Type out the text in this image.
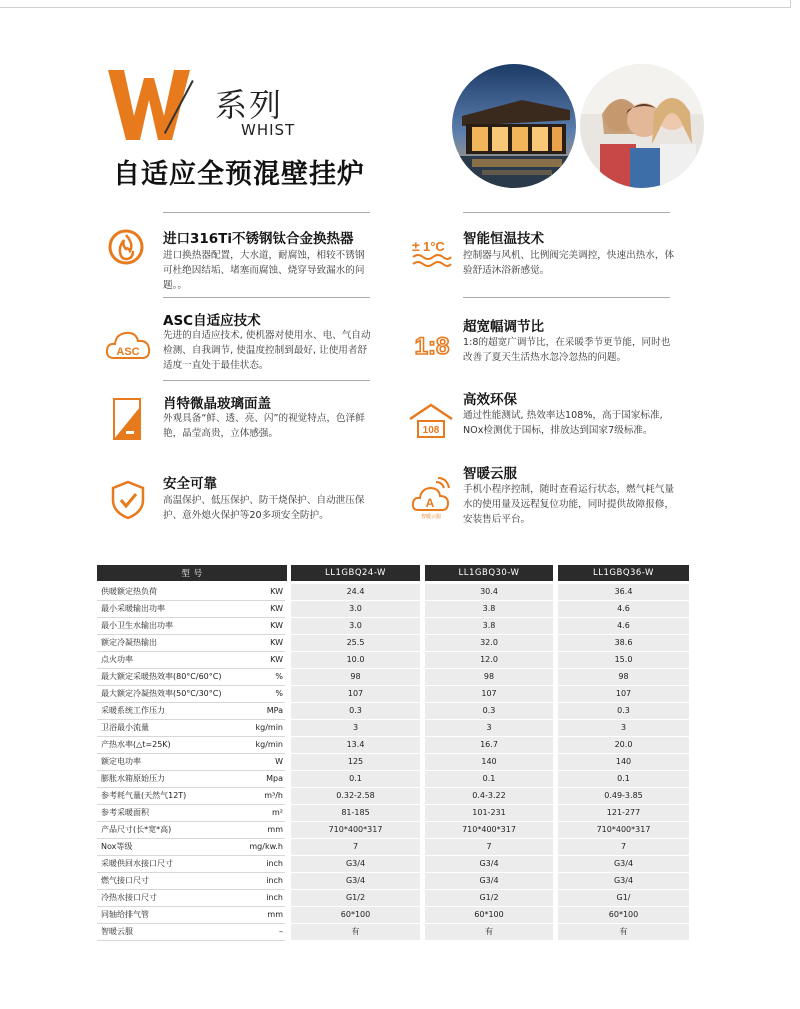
系列
WHIST
自适应全预混壁挂炉
进口316Ti不锈钢钛合金换热器
进口换热器配置，大水道，耐腐蚀，相较不锈钢可杜绝因结垢、堵塞而腐蚀、烧穿导致漏水的问题。。
ASC自适应技术
先进的自适应技术, 使机器对使用水、电、气自动检测、自我调节, 使温度控制到最好, 让使用者舒适度一直处于最佳状态。
ASC
肖特微晶玻璃面盖
外观具备“鲜、透、亮、闪”的视觉特点，色泽鲜艳，晶莹高贵，立体感强。
安全可靠
高温保护、低压保护、防干烧保护、自动泄压保护、意外熄火保护等20多项安全防护。
智能恒温技术
控制器与风机、比例阀完美调控，快速出热水，体验舒适沐浴新感觉。
± 1°C
超宽幅调节比
1:8的超宽广调节比，在采暖季节更节能，同时也改善了夏天生活热水忽冷忽热的问题。
1:8
高效环保
通过性能测试, 热效率达108%，高于国家标准, NOx检测优于国标，排放达到国家7级标准。
108
智暖云服
手机小程序控制，随时查看运行状态，燃气耗气量水的使用量及远程复位功能，同时提供故障报修，安装售后平台。
A
智暖云服
型 号	LL1GBQ24-W	LL1GBQ30-W	LL1GBQ36-W
供暖额定热负荷	KW	24.4	30.4	36.4
最小采暖输出功率	KW	3.0	3.8	4.6
最小卫生水输出功率	KW	3.0	3.8	4.6
额定冷凝热输出	KW	25.5	32.0	38.6
点火功率	KW	10.0	12.0	15.0
最大额定采暖热效率(80°C/60°C)	%	98	98	98
最大额定冷凝热效率(50°C/30°C)	%	107	107	107
采暖系统工作压力	MPa	0.3	0.3	0.3
卫浴最小流量	kg/min	3	3	3
产热水率(△t=25K)	kg/min	13.4	16.7	20.0
额定电功率	W	125	140	140
膨胀水箱原始压力	Mpa	0.1	0.1	0.1
参考耗气量(天然气12T)	m³/h	0.32-2.58	0.4-3.22	0.49-3.85
参考采暖面积	m²	81-185	101-231	121-277
产品尺寸(长*宽*高)	mm	710*400*317	710*400*317	710*400*317
Nox等级	mg/kw.h	7	7	7
采暖供回水接口尺寸	inch	G3/4	G3/4	G3/4
燃气接口尺寸	inch	G3/4	G3/4	G3/4
冷热水接口尺寸	inch	G1/2	G1/2	G1/
同轴给排气管	mm	60*100	60*100	60*100
智暖云服	–	有	有	有
